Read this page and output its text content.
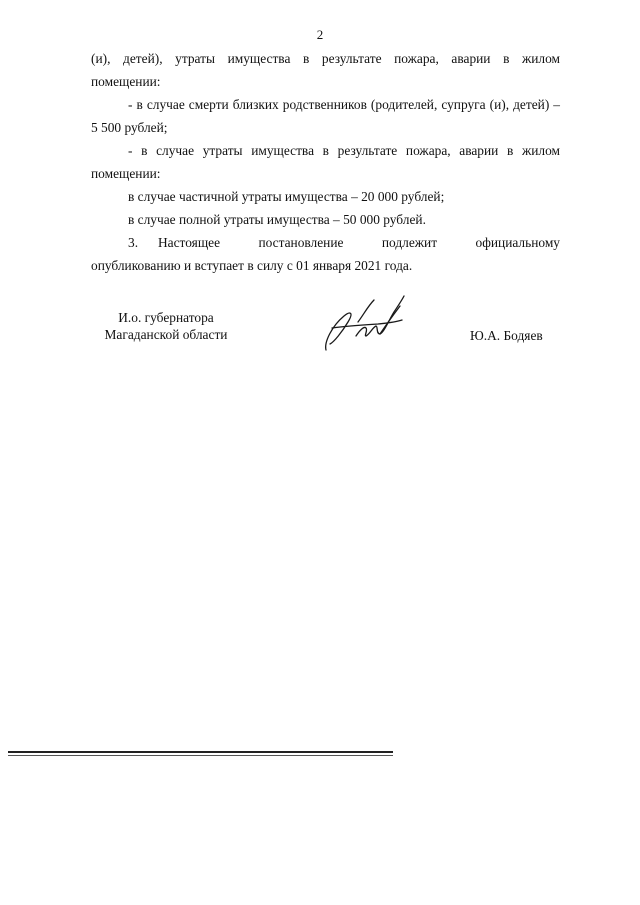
2

(и), детей), утраты имущества в результате пожара, аварии в жилом

помещении:

- в случае смерти близких родственников (родителей, супруга (и), детей) – 5 500 рублей;

- в случае утраты имущества в результате пожара, аварии в жилом помещении:

в случае частичной утраты имущества – 20 000 рублей;

в случае полной утраты имущества – 50 000 рублей.

3. Настоящее постановление подлежит официальному

опубликованию и вступает в силу с 01 января 2021 года.

И.о. губернатора
Магаданской области	Ю.А. Бодяев
